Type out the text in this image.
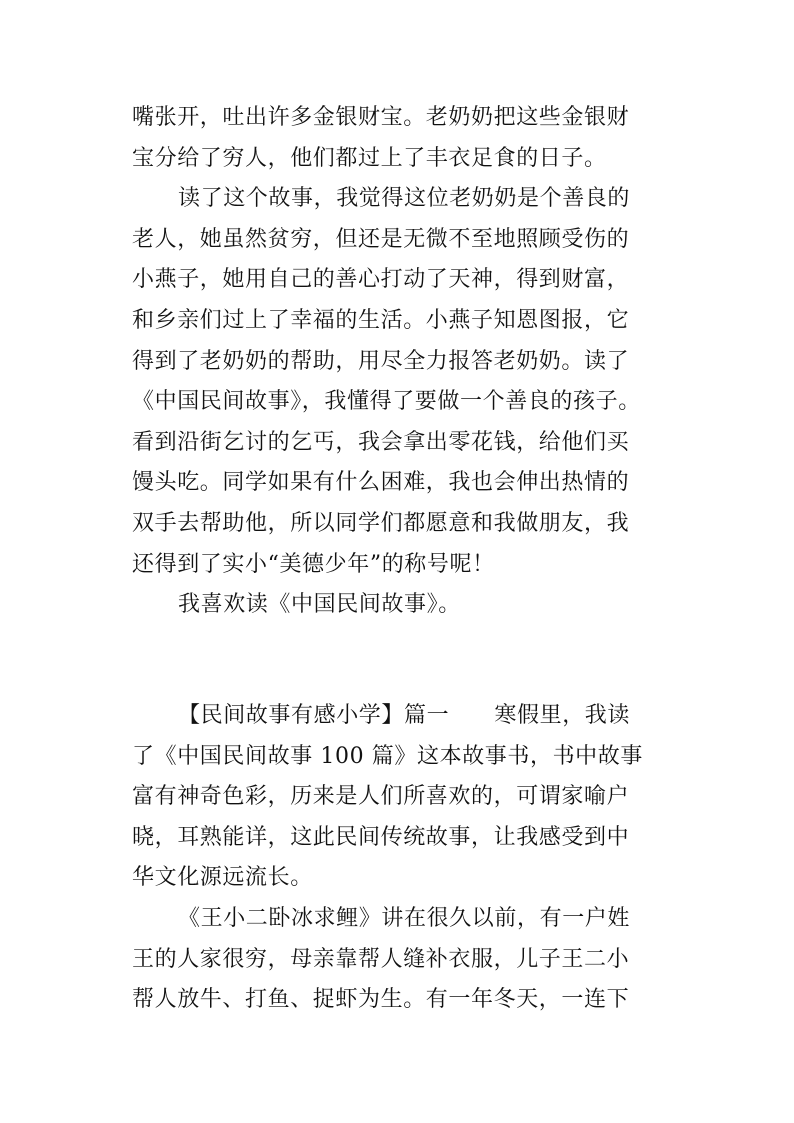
嘴张开，吐出许多金银财宝。老奶奶把这些金银财
宝分给了穷人，他们都过上了丰衣足食的日子。
读了这个故事，我觉得这位老奶奶是个善良的
老人，她虽然贫穷，但还是无微不至地照顾受伤的
小燕子，她用自己的善心打动了天神，得到财富，
和乡亲们过上了幸福的生活。小燕子知恩图报，它
得到了老奶奶的帮助，用尽全力报答老奶奶。读了
《中国民间故事》，我懂得了要做一个善良的孩子。
看到沿街乞讨的乞丐，我会拿出零花钱，给他们买
馒头吃。同学如果有什么困难，我也会伸出热情的
双手去帮助他，所以同学们都愿意和我做朋友，我
还得到了实小“美德少年”的称号呢！
我喜欢读《中国民间故事》。
【民间故事有感小学】篇一　　寒假里，我读
了《中国民间故事 100 篇》这本故事书，书中故事
富有神奇色彩，历来是人们所喜欢的，可谓家喻户
晓，耳熟能详，这此民间传统故事，让我感受到中
华文化源远流长。
《王小二卧冰求鲤》讲在很久以前，有一户姓
王的人家很穷，母亲靠帮人缝补衣服，儿子王二小
帮人放牛、打鱼、捉虾为生。有一年冬天，一连下
